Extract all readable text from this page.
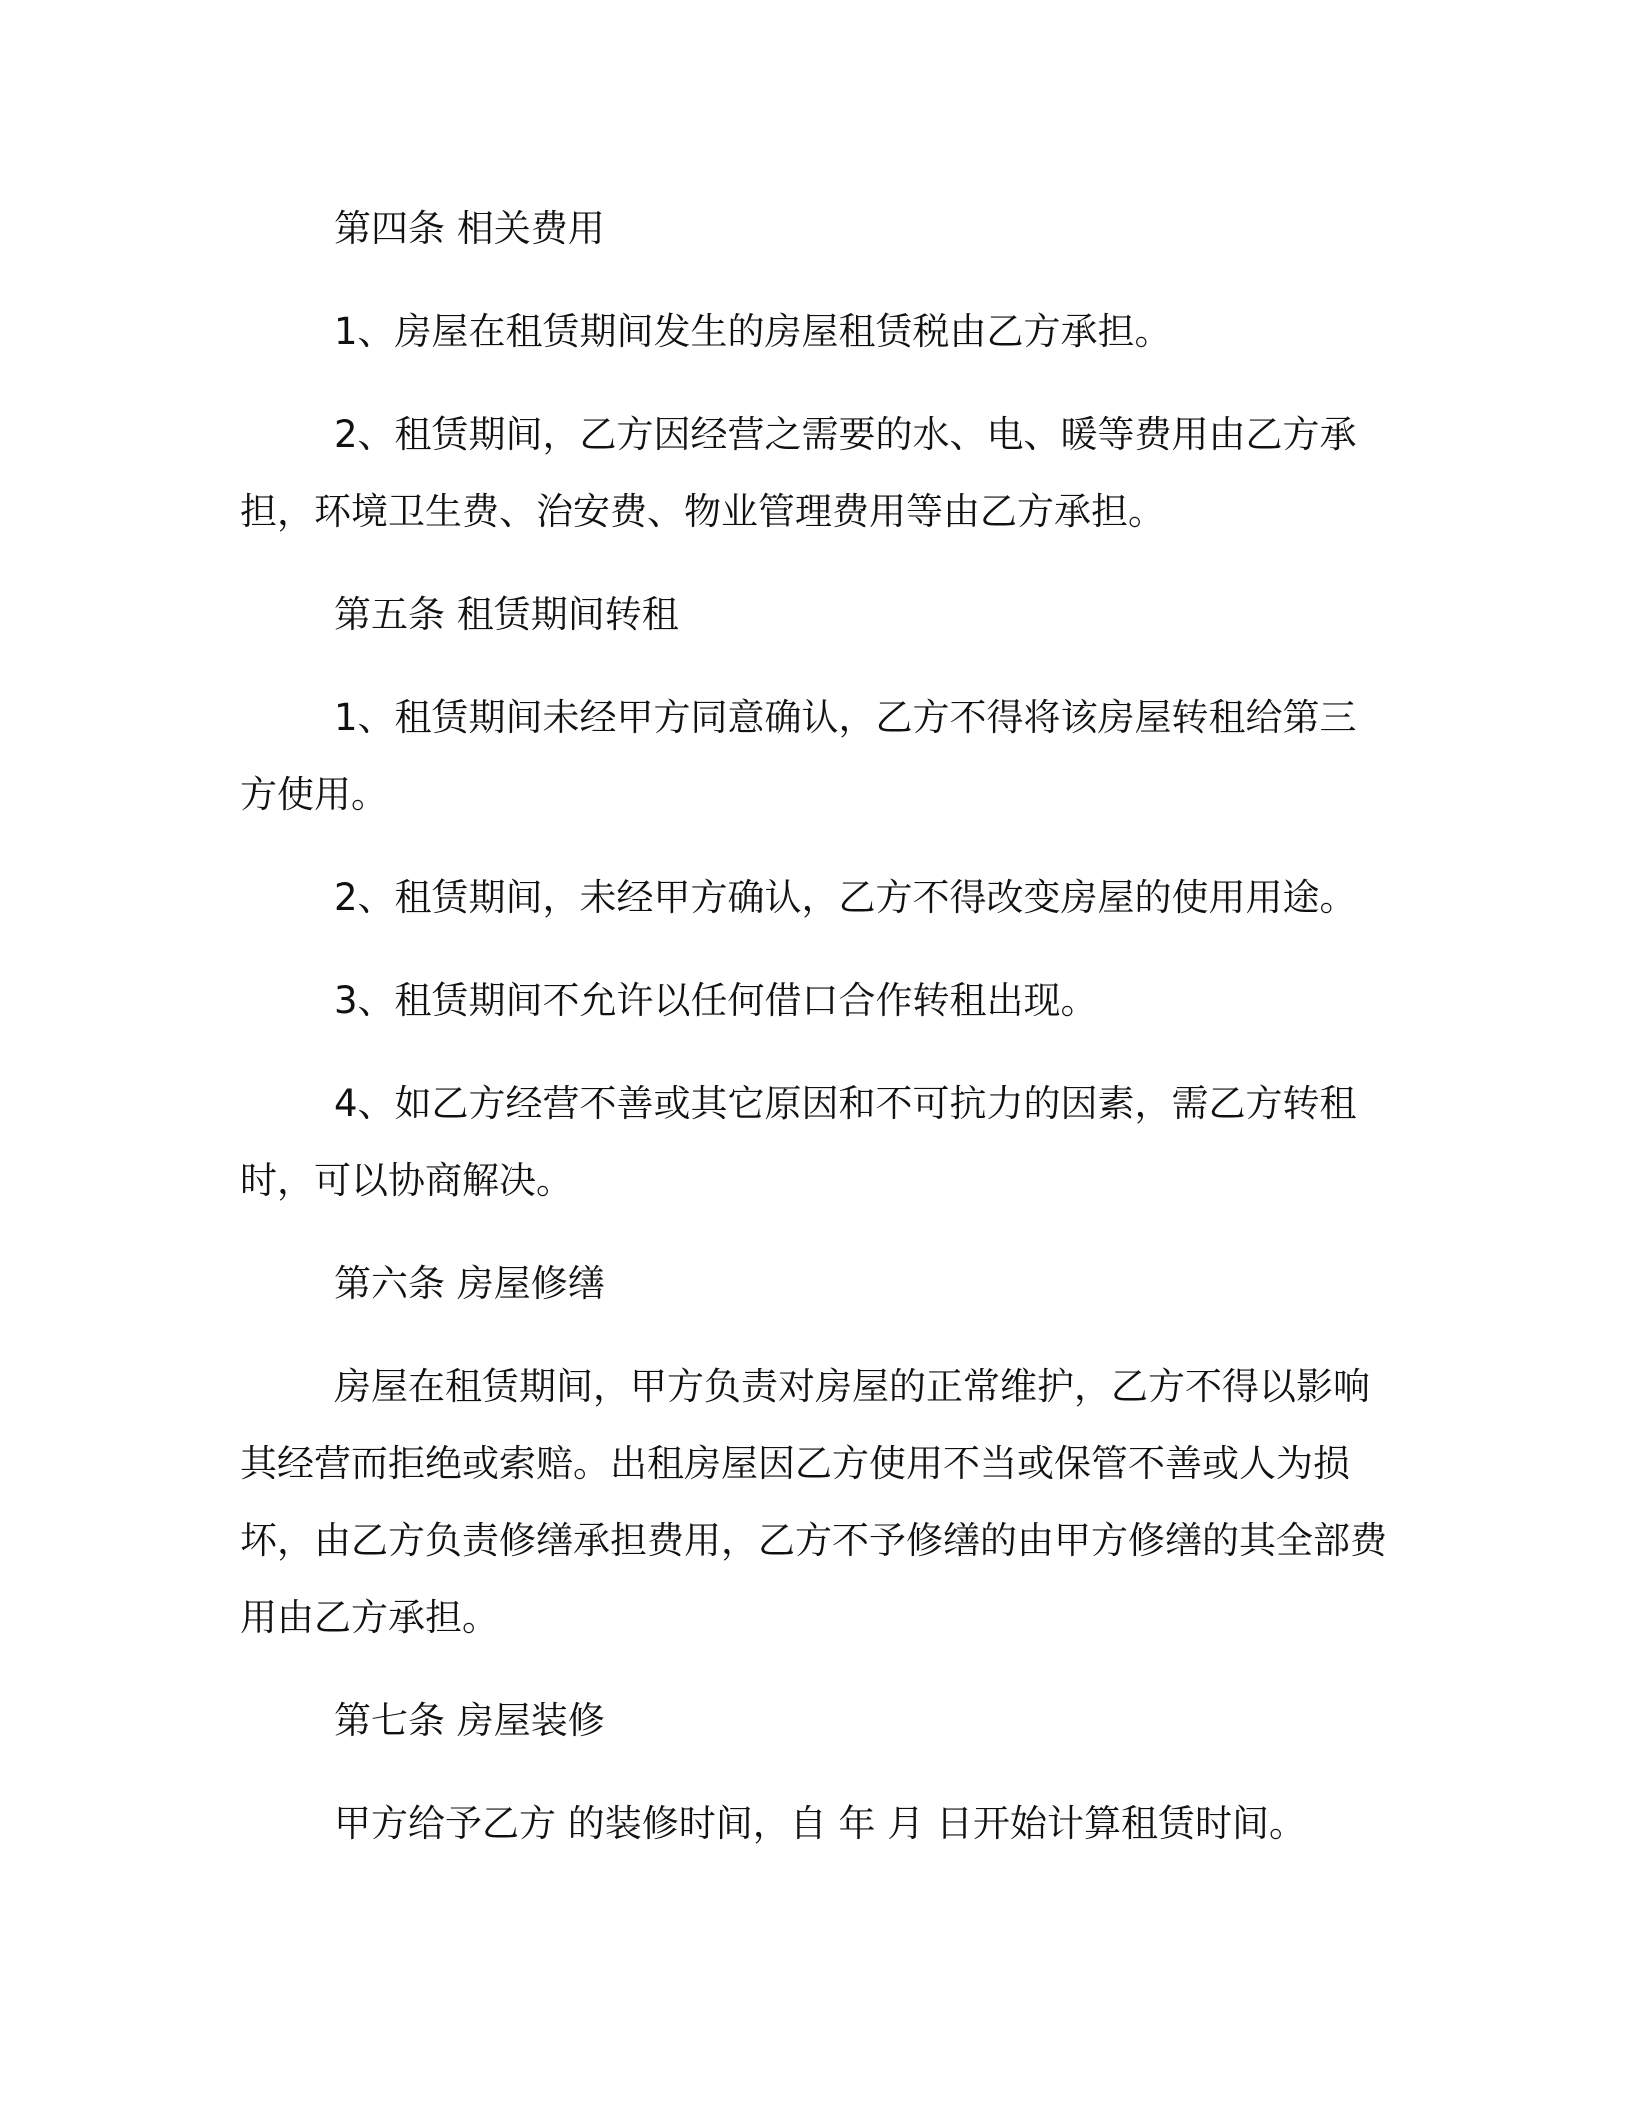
第四条 相关费用

1、房屋在租赁期间发生的房屋租赁税由乙方承担。

2、租赁期间，乙方因经营之需要的水、电、暖等费用由乙方承担，环境卫生费、治安费、物业管理费用等由乙方承担。

第五条 租赁期间转租

1、租赁期间未经甲方同意确认，乙方不得将该房屋转租给第三方使用。

2、租赁期间，未经甲方确认，乙方不得改变房屋的使用用途。

3、租赁期间不允许以任何借口合作转租出现。

4、如乙方经营不善或其它原因和不可抗力的因素，需乙方转租时，可以协商解决。

第六条 房屋修缮

房屋在租赁期间，甲方负责对房屋的正常维护，乙方不得以影响其经营而拒绝或索赔。出租房屋因乙方使用不当或保管不善或人为损坏，由乙方负责修缮承担费用，乙方不予修缮的由甲方修缮的其全部费用由乙方承担。

第七条 房屋装修

甲方给予乙方 的装修时间，自 年 月 日开始计算租赁时间。
